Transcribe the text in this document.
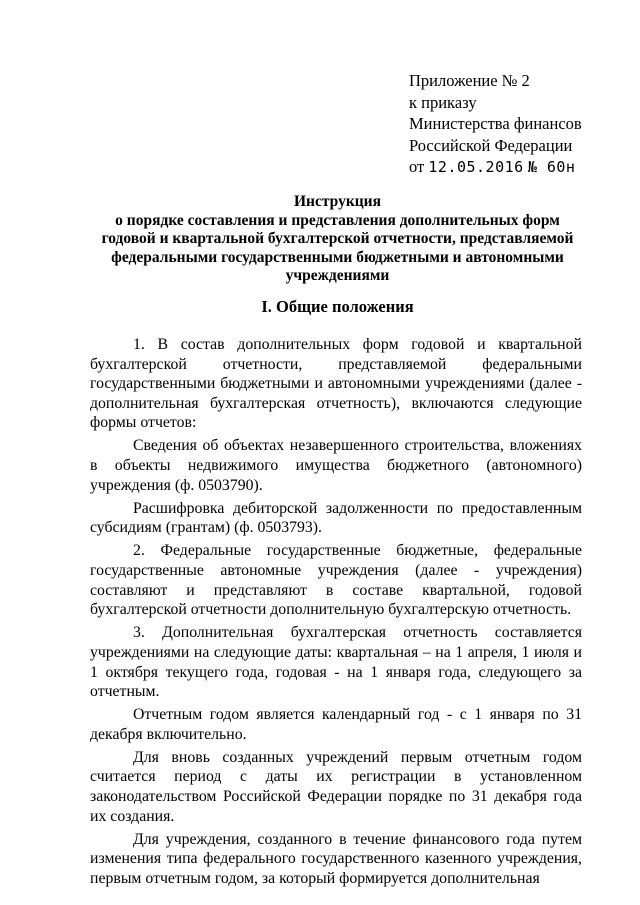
Приложение № 2
к приказу
Министерства финансов
Российской Федерации
от 12.05.2016 № 60н
Инструкция
о порядке составления и представления дополнительных форм
годовой и квартальной бухгалтерской отчетности, представляемой
федеральными государственными бюджетными и автономными
учреждениями
I. Общие положения

1. В состав дополнительных форм годовой и квартальной бухгалтерской отчетности, представляемой федеральными государственными бюджетными и автономными учреждениями (далее - дополнительная бухгалтерская отчетность), включаются следующие формы отчетов:

Сведения об объектах незавершенного строительства, вложениях в объекты недвижимого имущества бюджетного (автономного) учреждения (ф. 0503790).

Расшифровка дебиторской задолженности по предоставленным субсидиям (грантам) (ф. 0503793).

2. Федеральные государственные бюджетные, федеральные государственные автономные учреждения (далее - учреждения) составляют и представляют в составе квартальной, годовой бухгалтерской отчетности дополнительную бухгалтерскую отчетность.

3. Дополнительная бухгалтерская отчетность составляется учреждениями на следующие даты: квартальная – на 1 апреля, 1 июля и 1 октября текущего года, годовая - на 1 января года, следующего за отчетным.

Отчетным годом является календарный год - с 1 января по 31 декабря включительно.

Для вновь созданных учреждений первым отчетным годом считается период с даты их регистрации в установленном законодательством Российской Федерации порядке по 31 декабря года их создания.

Для учреждения, созданного в течение финансового года путем изменения типа федерального государственного казенного учреждения, первым отчетным годом, за который формируется дополнительная
